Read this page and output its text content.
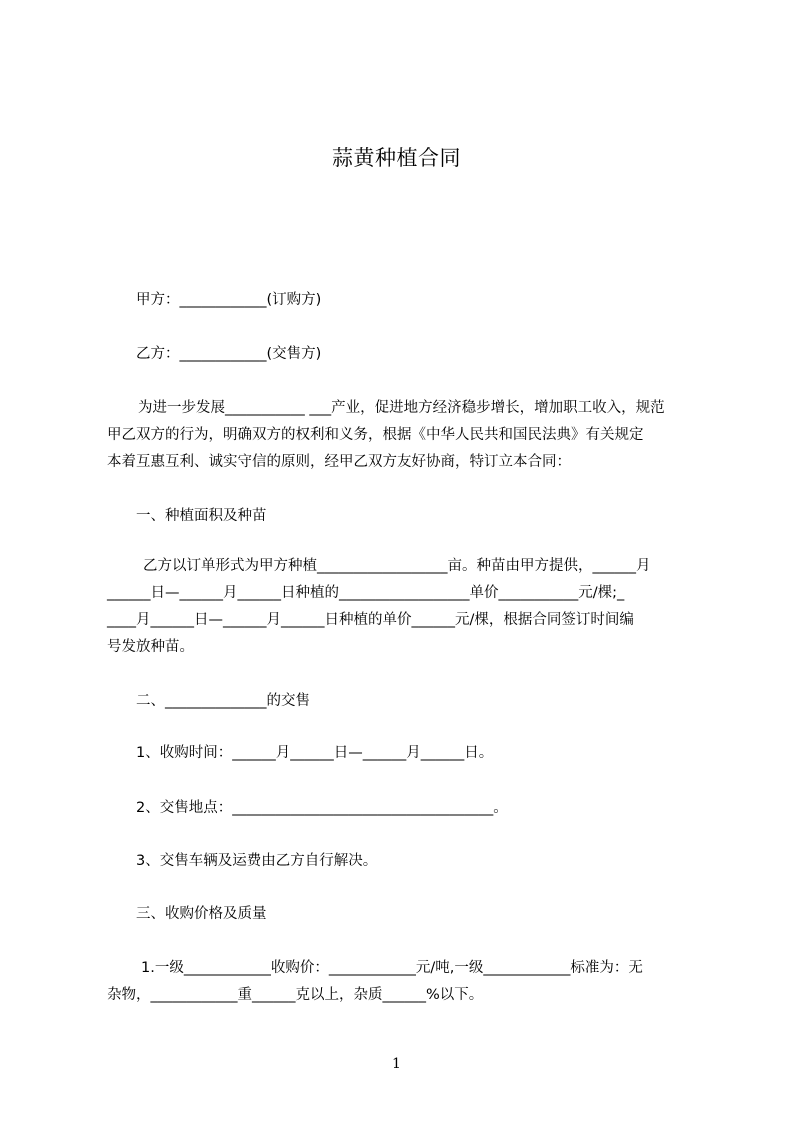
蒜黄种植合同

甲方：____________(订购方)

乙方：____________(交售方)

为进一步发展___________ ___产业，促进地方经济稳步增长，增加职工收入，规范

甲乙双方的行为，明确双方的权利和义务，根据《中华人民共和国民法典》有关规定

本着互惠互利、诚实守信的原则，经甲乙双方友好协商，特订立本合同：

一、种植面积及种苗

乙方以订单形式为甲方种植__________________亩。种苗由甲方提供，______月

______日—______月______日种植的__________________单价___________元/棵;_

____月______日—______月______日种植的单价______元/棵，根据合同签订时间编

号发放种苗。

二、______________的交售

1、收购时间：______月______日—______月______日。

2、交售地点：____________________________________。

3、交售车辆及运费由乙方自行解决。

三、收购价格及质量

1.一级____________收购价：____________元/吨,一级____________标准为：无

杂物，____________重______克以上，杂质______%以下。

1
